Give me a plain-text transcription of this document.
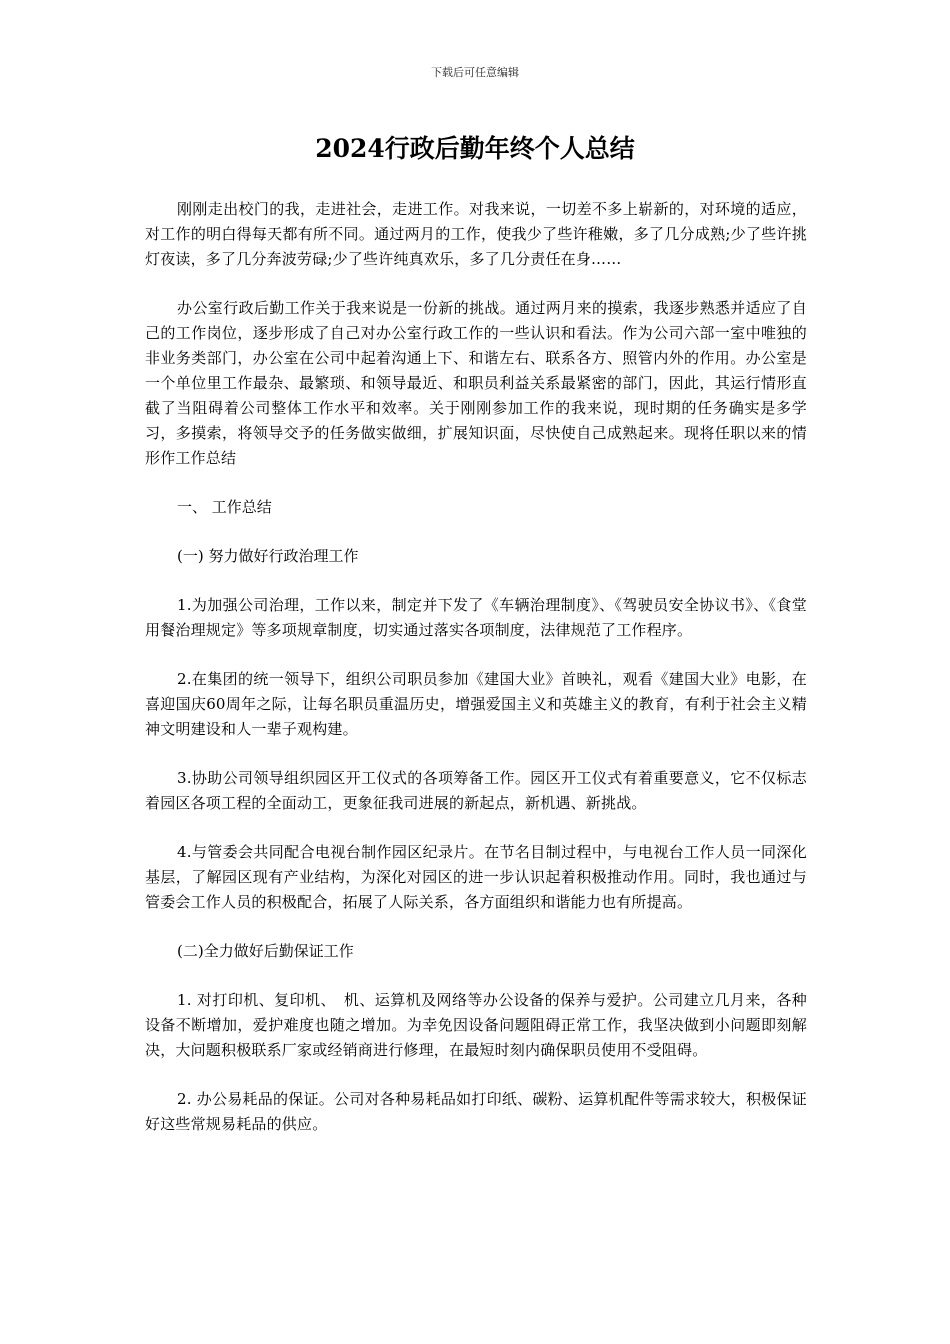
下载后可任意编辑
2024行政后勤年终个人总结

刚刚走出校门的我，走进社会，走进工作。对我来说，一切差不多上崭新的，对环境的适应，对工作的明白得每天都有所不同。通过两月的工作，使我少了些许稚嫩，多了几分成熟;少了些许挑灯夜读，多了几分奔波劳碌;少了些许纯真欢乐，多了几分责任在身……

办公室行政后勤工作关于我来说是一份新的挑战。通过两月来的摸索，我逐步熟悉并适应了自己的工作岗位，逐步形成了自己对办公室行政工作的一些认识和看法。作为公司六部一室中唯独的非业务类部门，办公室在公司中起着沟通上下、和谐左右、联系各方、照管内外的作用。办公室是一个单位里工作最杂、最繁琐、和领导最近、和职员利益关系最紧密的部门，因此，其运行情形直截了当阻碍着公司整体工作水平和效率。关于刚刚参加工作的我来说，现时期的任务确实是多学习，多摸索，将领导交予的任务做实做细，扩展知识面，尽快使自己成熟起来。现将任职以来的情形作工作总结

一、 工作总结

(一) 努力做好行政治理工作

1.为加强公司治理，工作以来，制定并下发了《车辆治理制度》、《驾驶员安全协议书》、《食堂用餐治理规定》等多项规章制度，切实通过落实各项制度，法律规范了工作程序。

2.在集团的统一领导下，组织公司职员参加《建国大业》首映礼，观看《建国大业》电影，在喜迎国庆60周年之际，让每名职员重温历史，增强爱国主义和英雄主义的教育，有利于社会主义精神文明建设和人一辈子观构建。

3.协助公司领导组织园区开工仪式的各项筹备工作。园区开工仪式有着重要意义，它不仅标志着园区各项工程的全面动工，更象征我司进展的新起点，新机遇、新挑战。

4.与管委会共同配合电视台制作园区纪录片。在节名目制过程中，与电视台工作人员一同深化基层，了解园区现有产业结构，为深化对园区的进一步认识起着积极推动作用。同时，我也通过与管委会工作人员的积极配合，拓展了人际关系，各方面组织和谐能力也有所提高。

(二)全力做好后勤保证工作

1. 对打印机、复印机、　机、运算机及网络等办公设备的保养与爱护。公司建立几月来，各种设备不断增加，爱护难度也随之增加。为幸免因设备问题阻碍正常工作，我坚决做到小问题即刻解决，大问题积极联系厂家或经销商进行修理，在最短时刻内确保职员使用不受阻碍。

2. 办公易耗品的保证。公司对各种易耗品如打印纸、碳粉、运算机配件等需求较大，积极保证好这些常规易耗品的供应。
